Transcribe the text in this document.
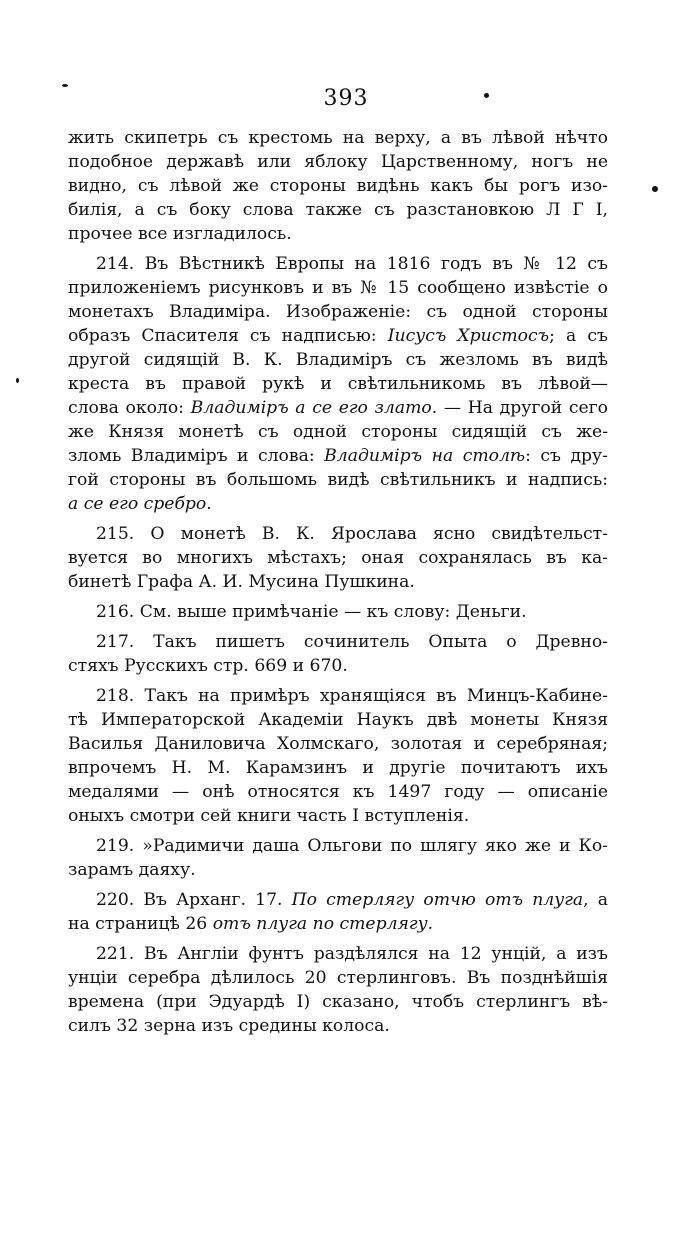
393
жить скипетрь съ крестомь на верху, а въ лѣвой нѣчто
подобное державѣ или яблоку Царственному, ногъ не
видно, съ лѣвой же стороны видѣнь какъ бы рогъ изо-
билія, а съ боку слова также съ разстановкою Л Г I,
прочее все изгладилось.
214. Въ Вѣстникѣ Европы на 1816 годъ въ № 12 съ
приложеніемъ рисунковъ и въ № 15 сообщено извѣстіе о
монетахъ Владиміра. Изображеніе: съ одной стороны
образъ Спасителя съ надписью: Іисусъ Христосъ; а съ
другой сидящій В. К. Владиміръ съ жезломь въ видѣ
креста въ правой рукѣ и свѣтильникомь въ лѣвой—
слова около: Владиміръ а се его злато. — На другой сего
же Князя монетѣ съ одной стороны сидящій съ же-
зломь Владиміръ и слова: Владиміръ на столѣ: съ дру-
гой стороны въ большомь видѣ свѣтильникъ и надпись:
а се его сребро.
215. О монетѣ В. К. Ярослава ясно свидѣтельст-
вуется во многихъ мѣстахъ; оная сохранялась въ ка-
бинетѣ Графа А. И. Мусина Пушкина.
216. См. выше примѣчаніе — къ слову: Деньги.
217. Такъ пишетъ сочинитель Опыта о Древно-
стяхъ Русскихъ стр. 669 и 670.
218. Такъ на примѣръ хранящіяся въ Минцъ-Кабине-
тѣ Императорской Академіи Наукъ двѣ монеты Князя
Василья Даниловича Холмскаго, золотая и серебряная;
впрочемъ Н. М. Карамзинъ и другіе почитаютъ ихъ
медалями — онѣ относятся къ 1497 году — описаніе
оныхъ смотри сей книги часть I вступленія.
219. »Радимичи даша Ольгови по шлягу яко же и Ко-
зарамъ даяху.
220. Въ Арханг. 17. По стерлягу отчю отъ плуга, а
на страницѣ 26 отъ плуга по стерлягу.
221. Въ Англіи фунтъ раздѣлялся на 12 унцій, а изъ
унціи серебра дѣлилось 20 стерлинговъ. Въ позднѣйшія
времена (при Эдуардѣ I) сказано, чтобъ стерлингъ вѣ-
силъ 32 зерна изъ средины колоса.
